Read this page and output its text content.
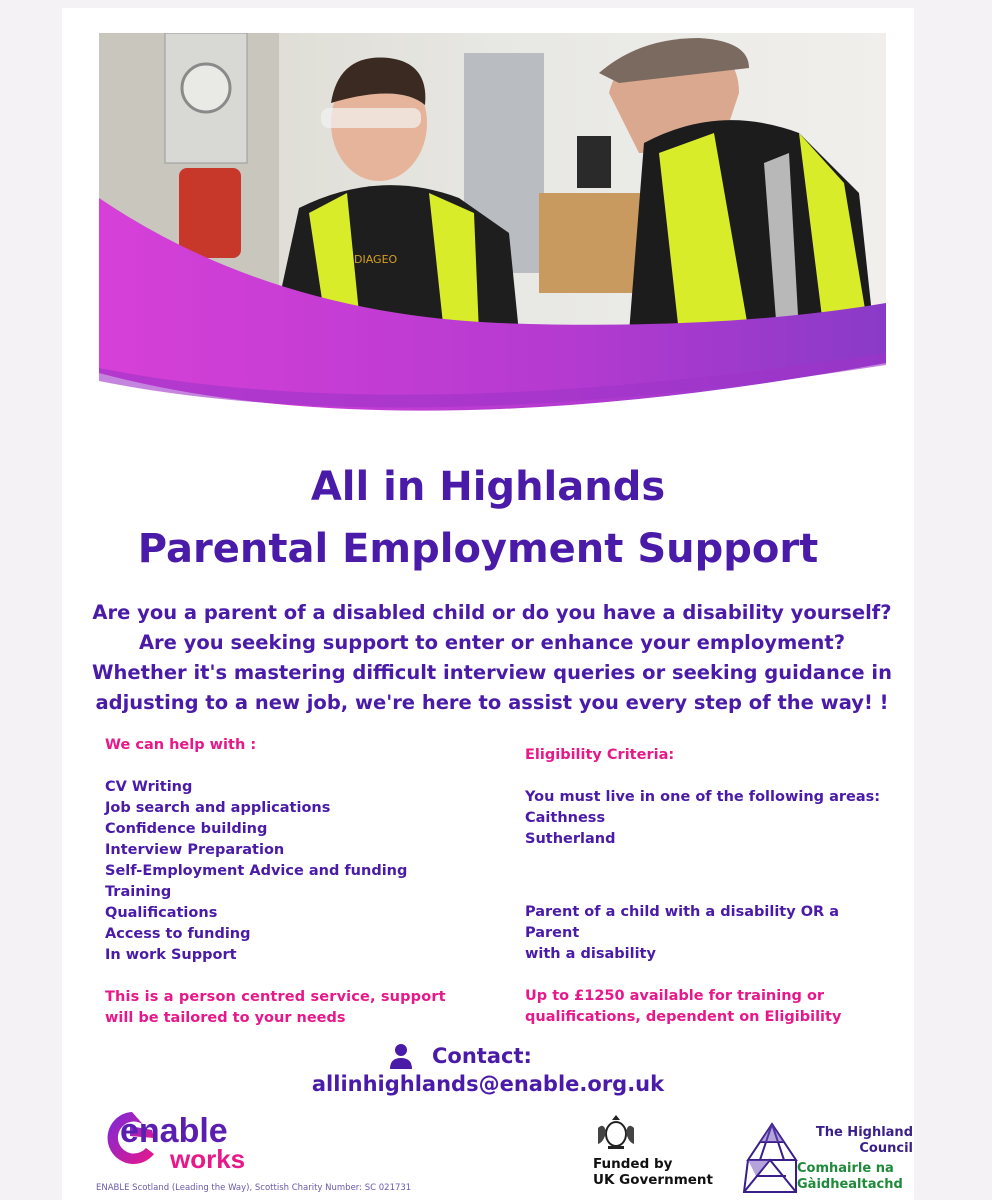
DIAGEO
All in Highlands
Parental Employment Support
Are you a parent of a disabled child or do you have a disability yourself?
Are you seeking support to enter or enhance your employment?
Whether it's mastering difficult interview queries or seeking guidance in
adjusting to a new job, we're here to assist you every step of the way! !
We can help with :
CV Writing
Job search and applications
Confidence building
Interview Preparation
Self-Employment Advice and funding
Training
Qualifications
Access to funding
In work Support
This is a person centred service, support
will be tailored to your needs
Eligibility Criteria:
You must live in one of the following areas:
Caithness
Sutherland
Parent of a child with a disability OR a Parent
with a disability
Up to £1250 available for training or
qualifications, dependent on Eligibility
Contact:
allinhighlands@enable.org.uk
enable
works
ENABLE Scotland (Leading the Way), Scottish Charity Number: SC 021731
Funded by
UK Government
The Highland
Council
Comhairle na
Gàidhealtachd
